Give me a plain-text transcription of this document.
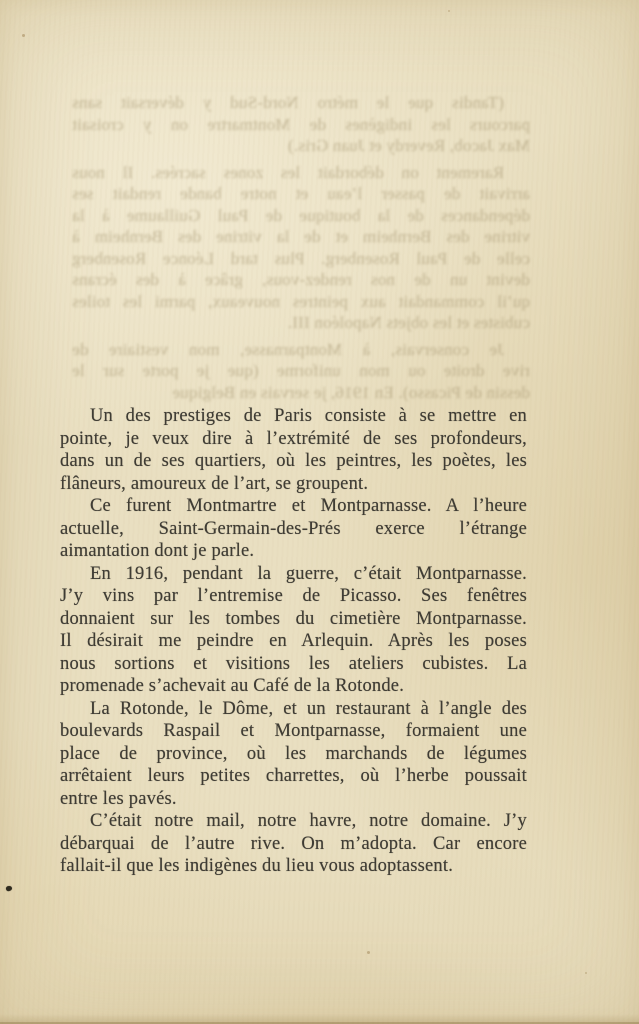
(Tandis que le métro Nord-Sud y déversait sans
parcours les indigènes de Montmartre on y croisait
Max Jacob, Reverdy et Juan Gris.)
Rarement on débordait les zones sacrées. Il nous
arrivait de passer l’eau et notre bande rendait ses
dépendances de la boutique de Paul Guillaume à la
vitrine des Bernheim et de la vitrine des Bernheim à
celle de Paul Rosenberg. Plus tard Léonce Rosenberg
devint un de nos rendez-vous, grâce à des écrans
qu’il commandait aux peintres nouveaux, parmi les toiles
cubistes et les objets Napoléon III.
Je conservais, à Montparnasse, mon vestiaire de
rive droite ou mon uniforme (que je porte sur le
dessin de Picasso). En 1916, je servais en Belgique
Un des prestiges de Paris consiste à se mettre en
pointe, je veux dire à l’extrémité de ses profondeurs,
dans un de ses quartiers, où les peintres, les poètes, les
flâneurs, amoureux de l’art, se groupent.
Ce furent Montmartre et Montparnasse. A l’heure
actuelle, Saint-Germain-des-Prés exerce l’étrange
aimantation dont je parle.
En 1916, pendant la guerre, c’était Montparnasse.
J’y vins par l’entremise de Picasso. Ses fenêtres
donnaient sur les tombes du cimetière Montparnasse.
Il désirait me peindre en Arlequin. Après les poses
nous sortions et visitions les ateliers cubistes. La
promenade s’achevait au Café de la Rotonde.
La Rotonde, le Dôme, et un restaurant à l’angle des
boulevards Raspail et Montparnasse, formaient une
place de province, où les marchands de légumes
arrêtaient leurs petites charrettes, où l’herbe poussait
entre les pavés.
C’était notre mail, notre havre, notre domaine. J’y
débarquai de l’autre rive. On m’adopta. Car encore
fallait-il que les indigènes du lieu vous adoptassent.
